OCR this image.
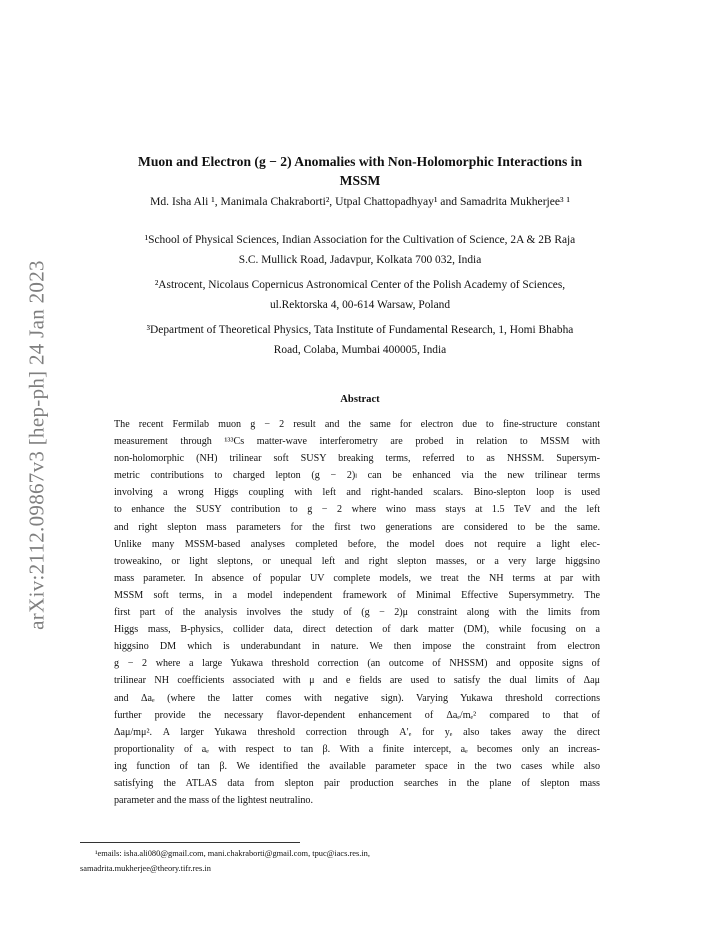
arXiv:2112.09867v3 [hep-ph] 24 Jan 2023
Muon and Electron (g − 2) Anomalies with Non-Holomorphic Interactions in
MSSM
Md. Isha Ali ¹, Manimala Chakraborti², Utpal Chattopadhyay¹ and Samadrita Mukherjee³ ¹
¹School of Physical Sciences, Indian Association for the Cultivation of Science, 2A & 2B Raja
S.C. Mullick Road, Jadavpur, Kolkata 700 032, India
²Astrocent, Nicolaus Copernicus Astronomical Center of the Polish Academy of Sciences,
ul.Rektorska 4, 00-614 Warsaw, Poland
³Department of Theoretical Physics, Tata Institute of Fundamental Research, 1, Homi Bhabha
Road, Colaba, Mumbai 400005, India
Abstract
The recent Fermilab muon g − 2 result and the same for electron due to fine-structure constant
measurement through ¹³³Cs matter-wave interferometry are probed in relation to MSSM with
non-holomorphic (NH) trilinear soft SUSY breaking terms, referred to as NHSSM. Supersym-
metric contributions to charged lepton (g − 2)ₗ can be enhanced via the new trilinear terms
involving a wrong Higgs coupling with left and right-handed scalars. Bino-slepton loop is used
to enhance the SUSY contribution to g − 2 where wino mass stays at 1.5 TeV and the left
and right slepton mass parameters for the first two generations are considered to be the same.
Unlike many MSSM-based analyses completed before, the model does not require a light elec-
troweakino, or light sleptons, or unequal left and right slepton masses, or a very large higgsino
mass parameter. In absence of popular UV complete models, we treat the NH terms at par with
MSSM soft terms, in a model independent framework of Minimal Effective Supersymmetry. The
first part of the analysis involves the study of (g − 2)μ constraint along with the limits from
Higgs mass, B-physics, collider data, direct detection of dark matter (DM), while focusing on a
higgsino DM which is underabundant in nature. We then impose the constraint from electron
g − 2 where a large Yukawa threshold correction (an outcome of NHSSM) and opposite signs of
trilinear NH coefficients associated with μ and e fields are used to satisfy the dual limits of Δaμ
and Δaₑ (where the latter comes with negative sign). Varying Yukawa threshold corrections
further provide the necessary flavor-dependent enhancement of Δaₑ/mₑ² compared to that of
Δaμ/mμ². A larger Yukawa threshold correction through A′ₑ for yₑ also takes away the direct
proportionality of aₑ with respect to tan β. With a finite intercept, aₑ becomes only an increas-
ing function of tan β. We identified the available parameter space in the two cases while also
satisfying the ATLAS data from slepton pair production searches in the plane of slepton mass
parameter and the mass of the lightest neutralino.
¹emails: isha.ali080@gmail.com, mani.chakraborti@gmail.com, tpuc@iacs.res.in,
samadrita.mukherjee@theory.tifr.res.in
